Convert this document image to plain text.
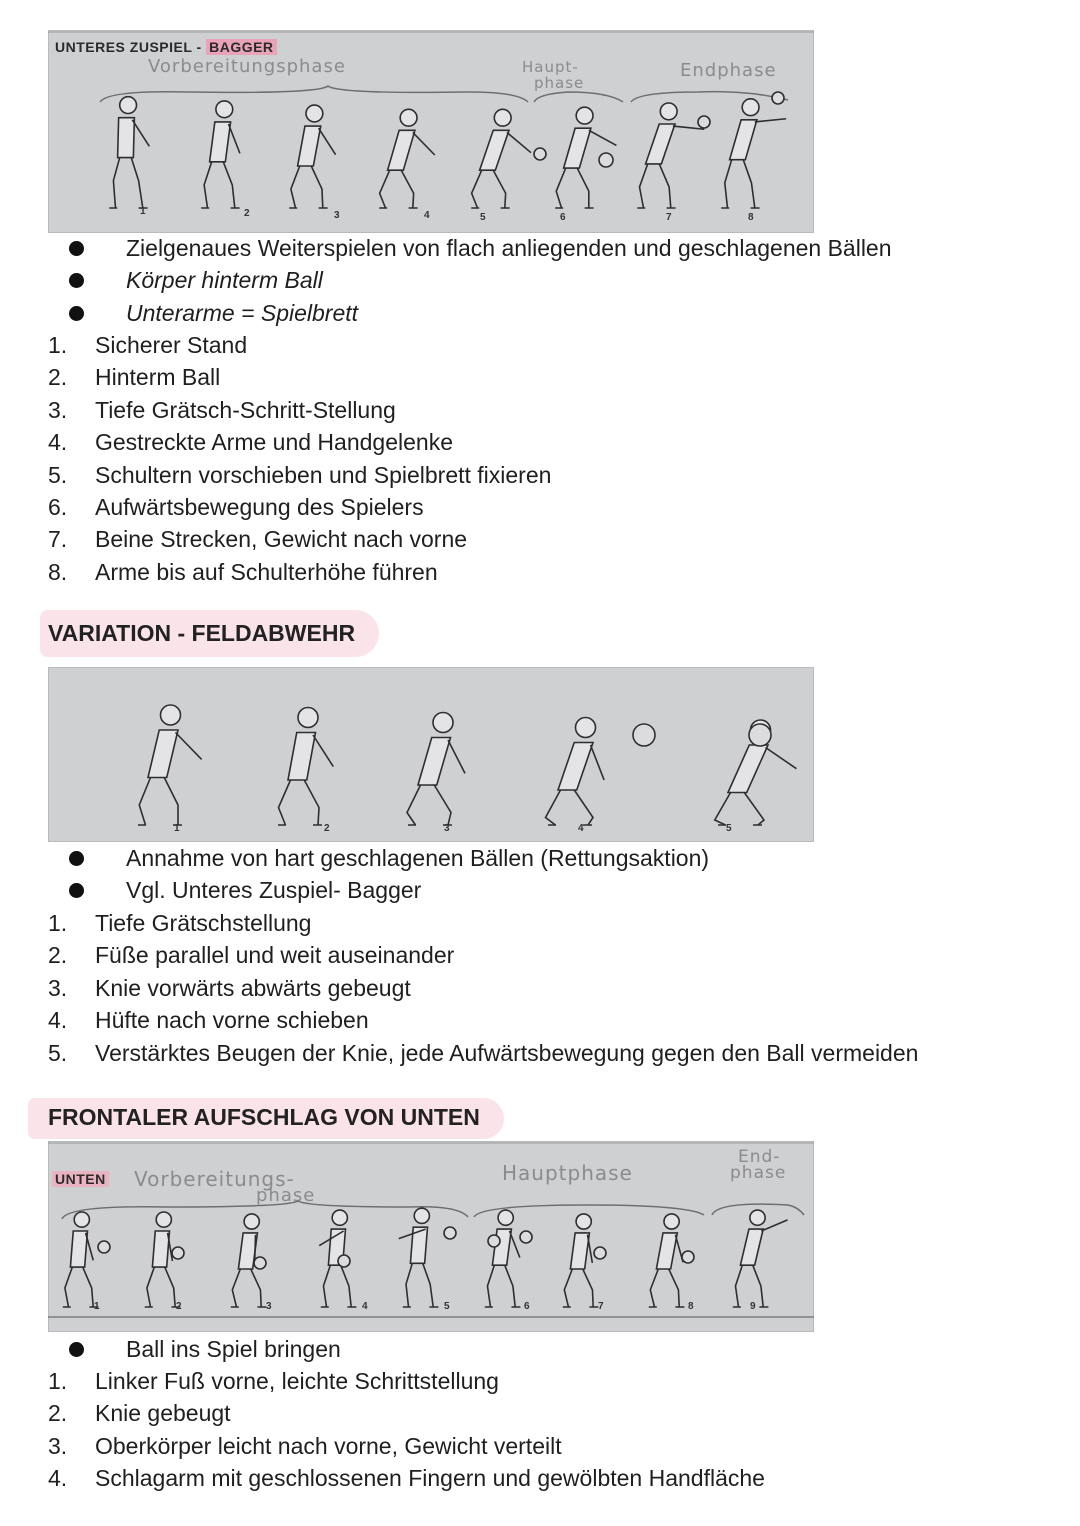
UNTERES ZUSPIEL - BAGGER
Vorbereitungsphase	Haupt-
phase
Endphase
1	2	3	4	5	6	7	8
Zielgenaues Weiterspielen von flach anliegenden und geschlagenen Bällen
Körper hinterm Ball
Unterarme = Spielbrett
1. Sicherer Stand
2. Hinterm Ball
3. Tiefe Grätsch-Schritt-Stellung
4. Gestreckte Arme und Handgelenke
5. Schultern vorschieben und Spielbrett fixieren
6. Aufwärtsbewegung des Spielers
7. Beine Strecken, Gewicht nach vorne
8. Arme bis auf Schulterhöhe führen
VARIATION - FELDABWEHR
1	2	3	4	5
Annahme von hart geschlagenen Bällen (Rettungsaktion)
Vgl. Unteres Zuspiel- Bagger
1. Tiefe Grätschstellung
2. Füße parallel und weit auseinander
3. Knie vorwärts abwärts gebeugt
4. Hüfte nach vorne schieben
5. Verstärktes Beugen der Knie, jede Aufwärtsbewegung gegen den Ball vermeiden
FRONTALER AUFSCHLAG VON UNTEN
UNTEN Vorbereitungs-
phase
Hauptphase
End-
phase
1	2	3	4	5	6	7	8	9
Ball ins Spiel bringen
1. Linker Fuß vorne, leichte Schrittstellung
2. Knie gebeugt
3. Oberkörper leicht nach vorne, Gewicht verteilt
4. Schlagarm mit geschlossenen Fingern und gewölbten Handfläche
